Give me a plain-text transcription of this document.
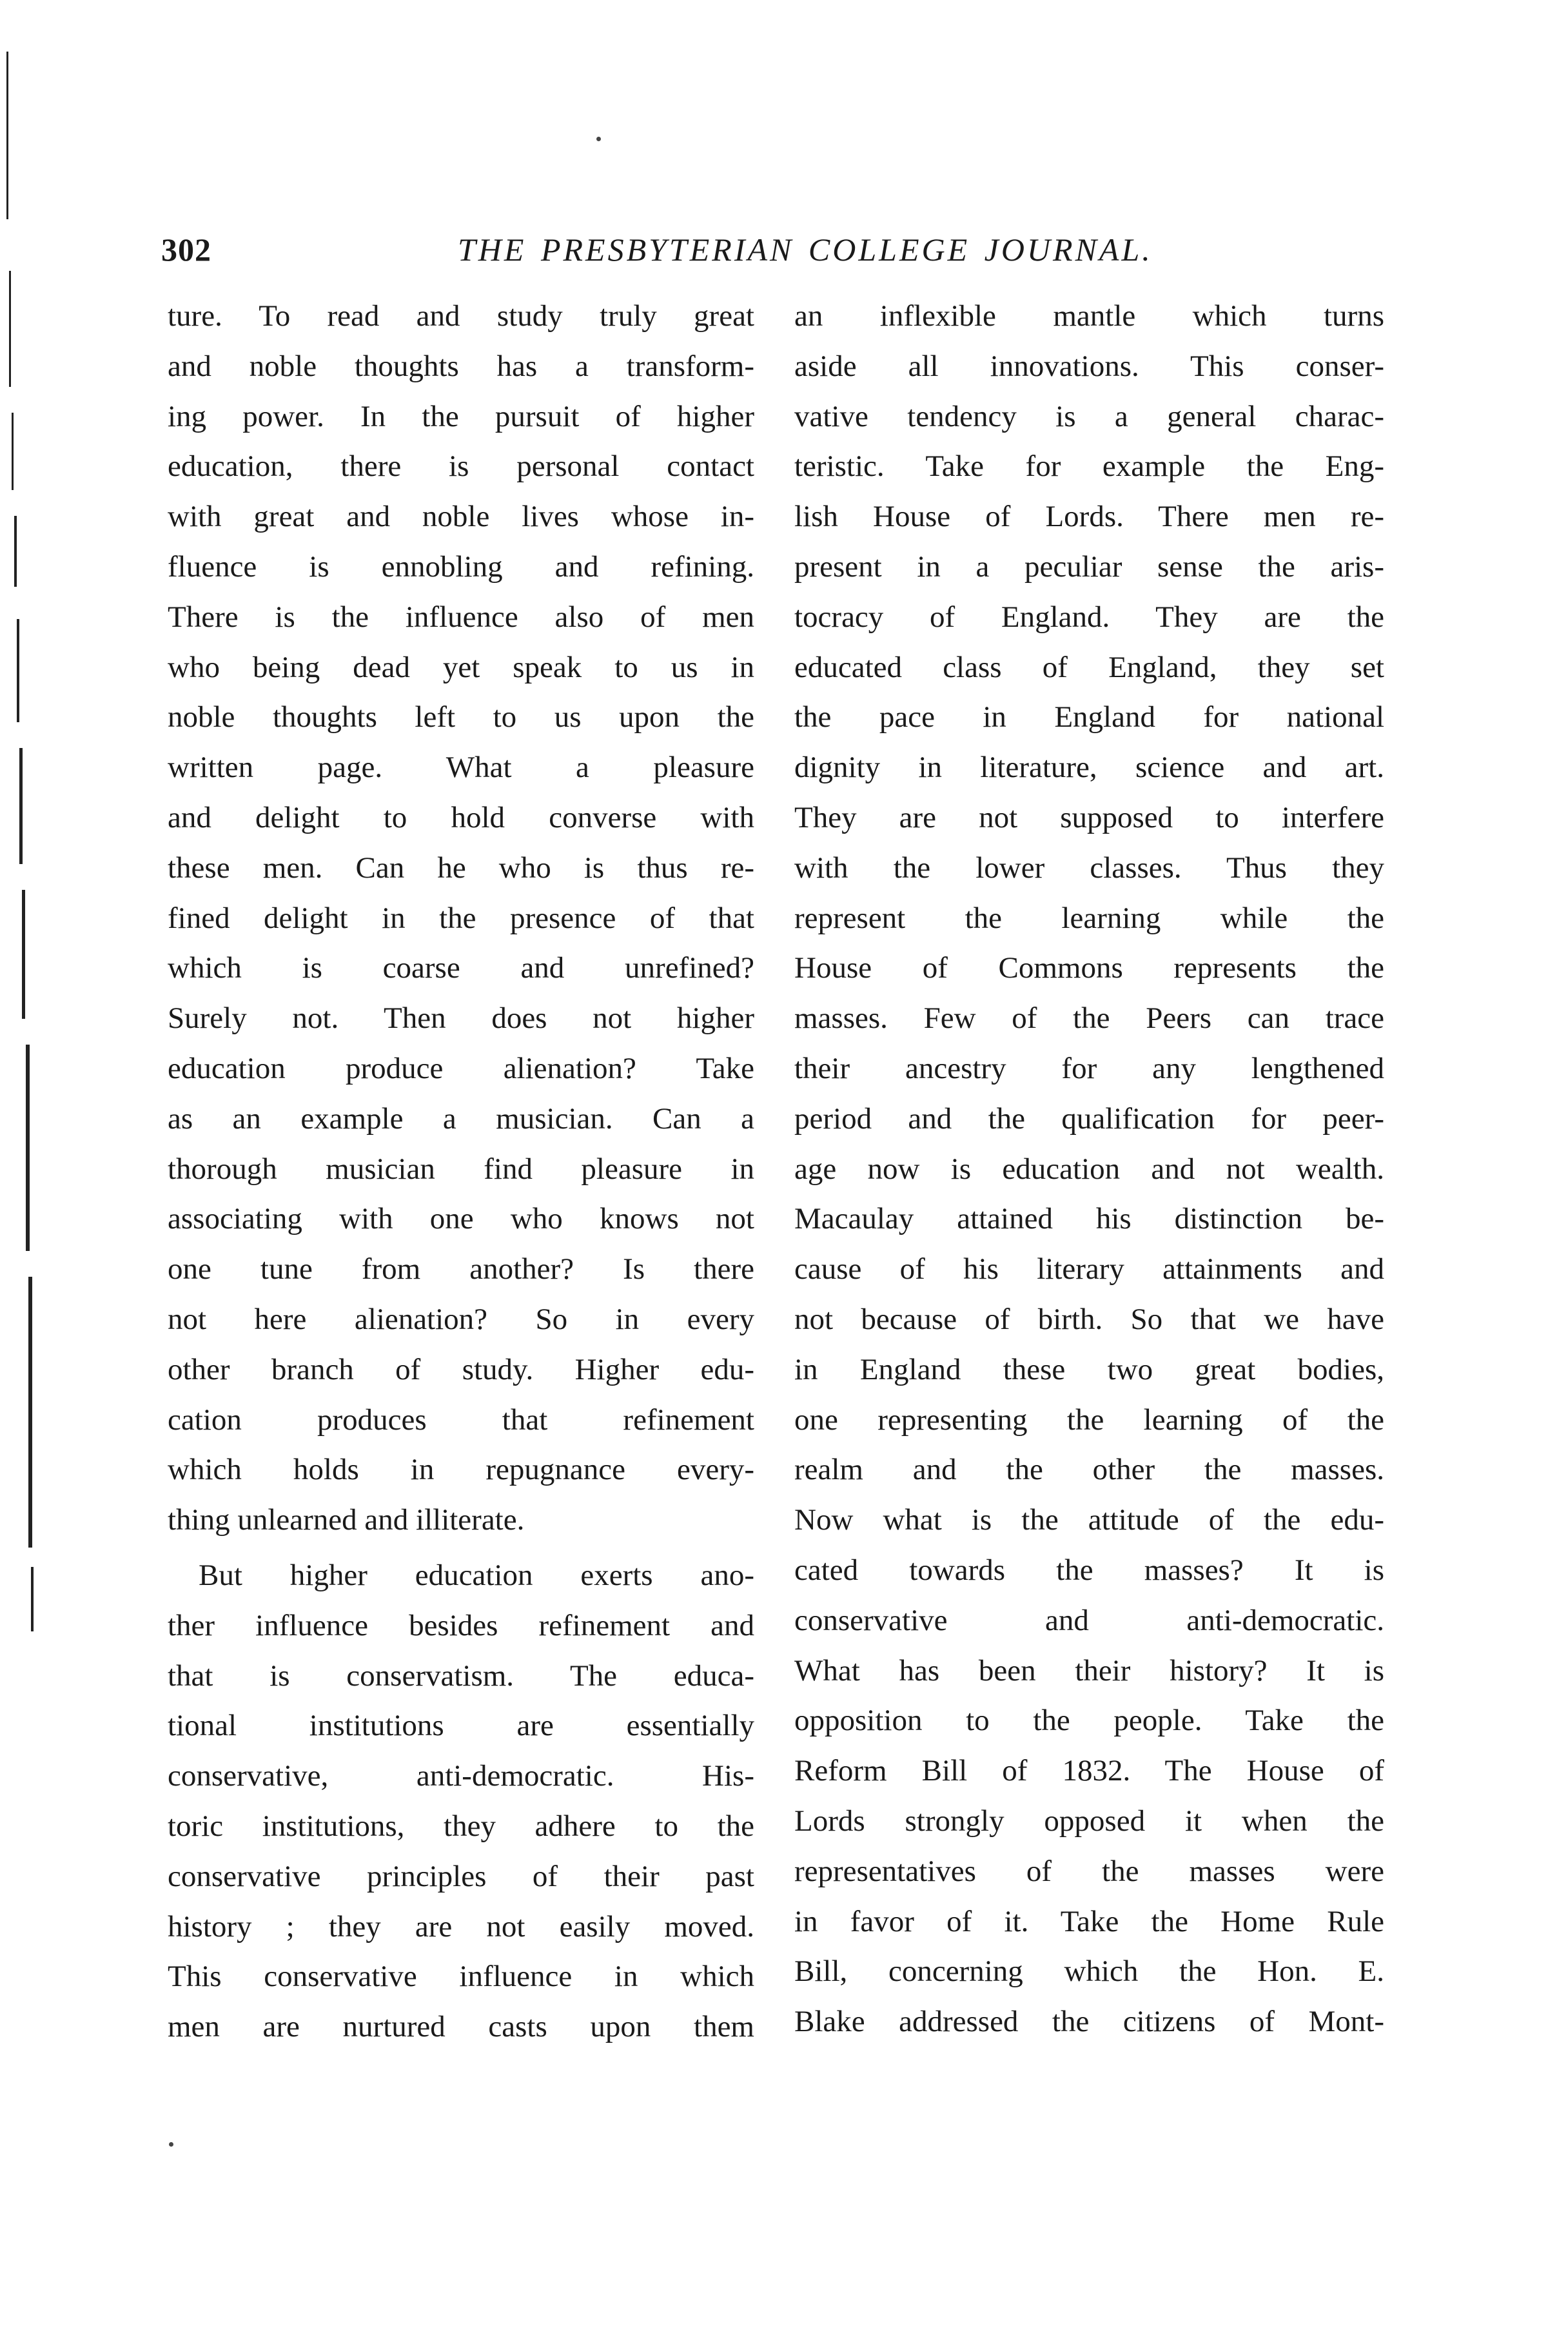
302	THE PRESBYTERIAN COLLEGE JOURNAL.
ture. To read and study truly great
and noble thoughts has a transform-
ing power. In the pursuit of higher
education, there is personal contact
with great and noble lives whose in-
fluence is ennobling and refining.
There is the influence also of men
who being dead yet speak to us in
noble thoughts left to us upon the
written page. What a pleasure
and delight to hold converse with
these men. Can he who is thus re-
fined delight in the presence of that
which is coarse and unrefined?
Surely not. Then does not higher
education produce alienation? Take
as an example a musician. Can a
thorough musician find pleasure in
associating with one who knows not
one tune from another? Is there
not here alienation? So in every
other branch of study. Higher edu-
cation produces that refinement
which holds in repugnance every-
thing unlearned and illiterate.
But higher education exerts ano-
ther influence besides refinement and
that is conservatism. The educa-
tional institutions are essentially
conservative, anti-democratic. His-
toric institutions, they adhere to the
conservative principles of their past
history ; they are not easily moved.
This conservative influence in which
men are nurtured casts upon them
an inflexible mantle which turns
aside all innovations. This conser-
vative tendency is a general charac-
teristic. Take for example the Eng-
lish House of Lords. There men re-
present in a peculiar sense the aris-
tocracy of England. They are the
educated class of England, they set
the pace in England for national
dignity in literature, science and art.
They are not supposed to interfere
with the lower classes. Thus they
represent the learning while the
House of Commons represents the
masses. Few of the Peers can trace
their ancestry for any lengthened
period and the qualification for peer-
age now is education and not wealth.
Macaulay attained his distinction be-
cause of his literary attainments and
not because of birth. So that we have
in England these two great bodies,
one representing the learning of the
realm and the other the masses.
Now what is the attitude of the edu-
cated towards the masses? It is
conservative and anti-democratic.
What has been their history? It is
opposition to the people. Take the
Reform Bill of 1832. The House of
Lords strongly opposed it when the
representatives of the masses were
in favor of it. Take the Home Rule
Bill, concerning which the Hon. E.
Blake addressed the citizens of Mont-
